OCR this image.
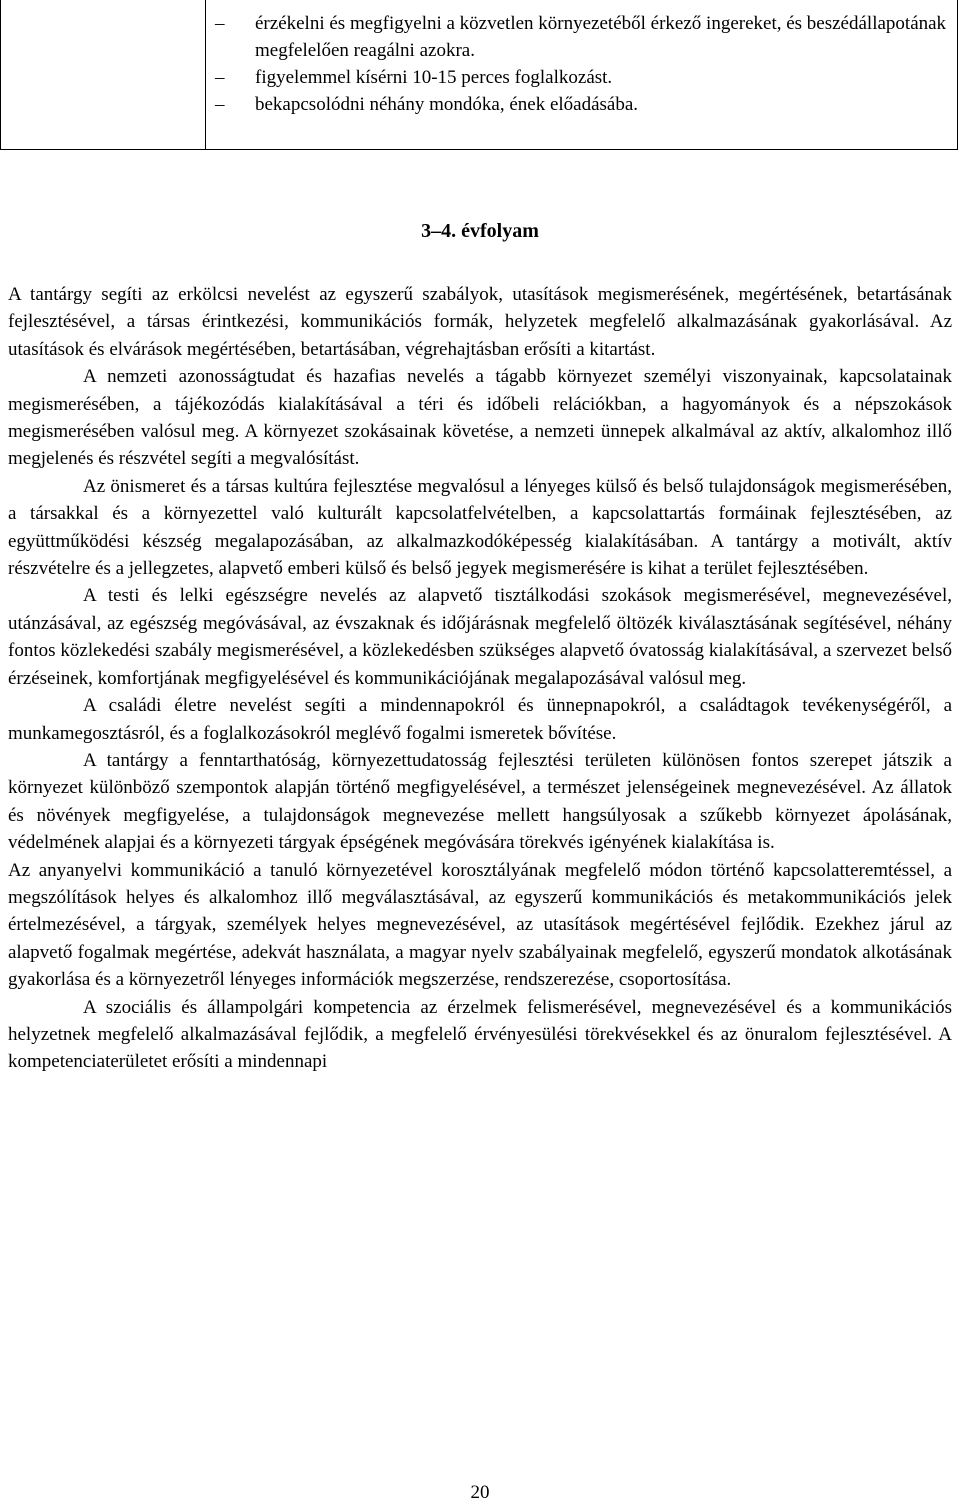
– érzékelni és megfigyelni a közvetlen környezetéből érkező ingereket, és beszédállapotának megfelelően reagálni azokra.
– figyelemmel kísérni 10-15 perces foglalkozást.
– bekapcsolódni néhány mondóka, ének előadásába.
3–4. évfolyam

A tantárgy segíti az erkölcsi nevelést az egyszerű szabályok, utasítások megismerésének, megértésének, betartásának fejlesztésével, a társas érintkezési, kommunikációs formák, helyzetek megfelelő alkalmazásának gyakorlásával. Az utasítások és elvárások megértésében, betartásában, végrehajtásban erősíti a kitartást.

A nemzeti azonosságtudat és hazafias nevelés a tágabb környezet személyi viszonyainak, kapcsolatainak megismerésében, a tájékozódás kialakításával a téri és időbeli relációkban, a hagyományok és a népszokások megismerésében valósul meg. A környezet szokásainak követése, a nemzeti ünnepek alkalmával az aktív, alkalomhoz illő megjelenés és részvétel segíti a megvalósítást.

Az önismeret és a társas kultúra fejlesztése megvalósul a lényeges külső és belső tulajdonságok megismerésében, a társakkal és a környezettel való kulturált kapcsolatfelvételben, a kapcsolattartás formáinak fejlesztésében, az együttműködési készség megalapozásában, az alkalmazkodóképesség kialakításában. A tantárgy a motivált, aktív részvételre és a jellegzetes, alapvető emberi külső és belső jegyek megismerésére is kihat a terület fejlesztésében.

A testi és lelki egészségre nevelés az alapvető tisztálkodási szokások megismerésével, megnevezésével, utánzásával, az egészség megóvásával, az évszaknak és időjárásnak megfelelő öltözék kiválasztásának segítésével, néhány fontos közlekedési szabály megismerésével, a közlekedésben szükséges alapvető óvatosság kialakításával, a szervezet belső érzéseinek, komfortjának megfigyelésével és kommunikációjának megalapozásával valósul meg.

A családi életre nevelést segíti a mindennapokról és ünnepnapokról, a családtagok tevékenységéről, a munkamegosztásról, és a foglalkozásokról meglévő fogalmi ismeretek bővítése.

A tantárgy a fenntarthatóság, környezettudatosság fejlesztési területen különösen fontos szerepet játszik a környezet különböző szempontok alapján történő megfigyelésével, a természet jelenségeinek megnevezésével. Az állatok és növények megfigyelése, a tulajdonságok megnevezése mellett hangsúlyosak a szűkebb környezet ápolásának, védelmének alapjai és a környezeti tárgyak épségének megóvására törekvés igényének kialakítása is.

Az anyanyelvi kommunikáció a tanuló környezetével korosztályának megfelelő módon történő kapcsolatteremtéssel, a megszólítások helyes és alkalomhoz illő megválasztásával, az egyszerű kommunikációs és metakommunikációs jelek értelmezésével, a tárgyak, személyek helyes megnevezésével, az utasítások megértésével fejlődik. Ezekhez járul az alapvető fogalmak megértése, adekvát használata, a magyar nyelv szabályainak megfelelő, egyszerű mondatok alkotásának gyakorlása és a környezetről lényeges információk megszerzése, rendszerezése, csoportosítása.

A szociális és állampolgári kompetencia az érzelmek felismerésével, megnevezésével és a kommunikációs helyzetnek megfelelő alkalmazásával fejlődik, a megfelelő érvényesülési törekvésekkel és az önuralom fejlesztésével. A kompetenciaterületet erősíti a mindennapi

20
